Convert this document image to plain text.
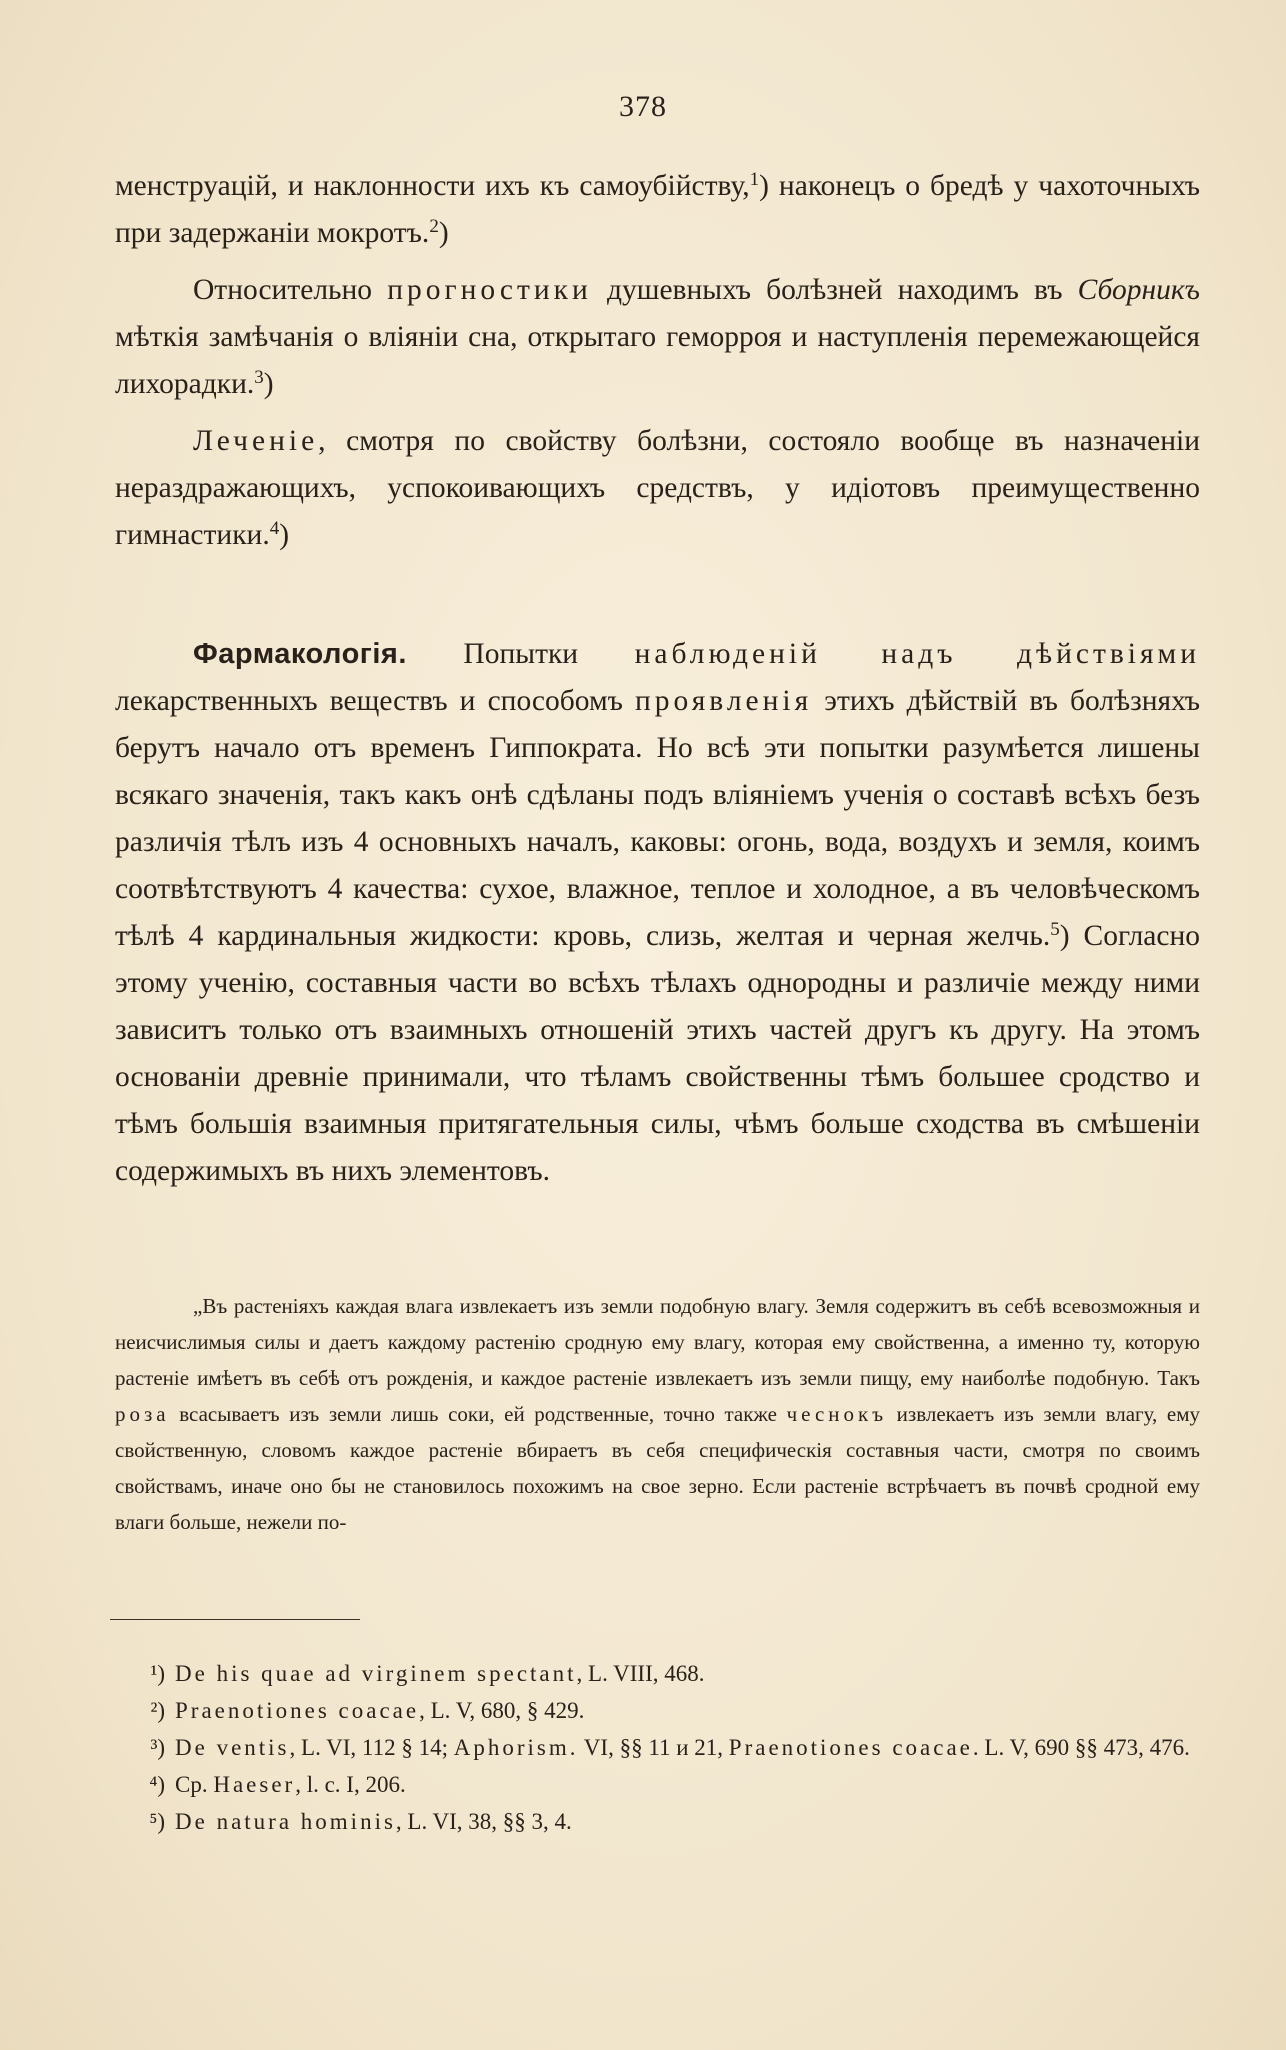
378

менструацій, и наклонности ихъ къ самоубійству,$^1$) наконецъ о бредѣ у чахоточныхъ при задержаніи мокротъ.$^2$)

Относительно прогностики душевныхъ болѣзней находимъ въ Сборникъ мѣткія замѣчанія о вліяніи сна, открытаго геморроя и наступленія перемежающейся лихорадки.$^3$)

Леченіе, смотря по свойству болѣзни, состояло вообще въ назначеніи нераздражающихъ, успокоивающихъ средствъ, у идіотовъ преимущественно гимнастики.$^4$)

Фармакологія. Попытки наблюденій надъ дѣйствіями лекарственныхъ веществъ и способомъ проявленія этихъ дѣйствій въ болѣзняхъ берутъ начало отъ временъ Гиппократа. Но всѣ эти попытки разумѣется лишены всякаго значенія, такъ какъ онѣ сдѣланы подъ вліяніемъ ученія о составѣ всѣхъ безъ различія тѣлъ изъ 4 основныхъ началъ, каковы: огонь, вода, воздухъ и земля, коимъ соотвѣтствуютъ 4 качества: сухое, влажное, теплое и холодное, а въ человѣческомъ тѣлѣ 4 кардинальныя жидкости: кровь, слизь, желтая и черная желчь.$^5$) Согласно этому ученію, составныя части во всѣхъ тѣлахъ однородны и различіе между ними зависитъ только отъ взаимныхъ отношеній этихъ частей другъ къ другу. На этомъ основаніи древніе принимали, что тѣламъ свойственны тѣмъ большее сродство и тѣмъ большія взаимныя притягательныя силы, чѣмъ больше сходства въ смѣшеніи содержимыхъ въ нихъ элементовъ.

„Въ растеніяхъ каждая влага извлекаетъ изъ земли подобную влагу. Земля содержитъ въ себѣ всевозможныя и неисчислимыя силы и даетъ каждому растенію сродную ему влагу, которая ему свойственна, а именно ту, которую растеніе имѣетъ въ себѣ отъ рожденія, и каждое растеніе извлекаетъ изъ земли пищу, ему наиболѣе подобную. Такъ роза всасываетъ изъ земли лишь соки, ей родственные, точно также чеснокъ извлекаетъ изъ земли влагу, ему свойственную, словомъ каждое растеніе вбираетъ въ себя специфическія составныя части, смотря по своимъ свойствамъ, иначе оно бы не становилось похожимъ на свое зерно. Если растеніе встрѣчаетъ въ почвѣ сродной ему влаги больше, нежели по-

¹) De his quae ad virginem spectant, L. VIII, 468.

²) Praenotiones coacae, L. V, 680, § 429.

³) De ventis, L. VI, 112 § 14; Aphorism. VI, §§ 11 и 21, Praenotiones coacae. L. V, 690 §§ 473, 476.

⁴) Ср. Haeser, l. c. I, 206.

⁵) De natura hominis, L. VI, 38, §§ 3, 4.
